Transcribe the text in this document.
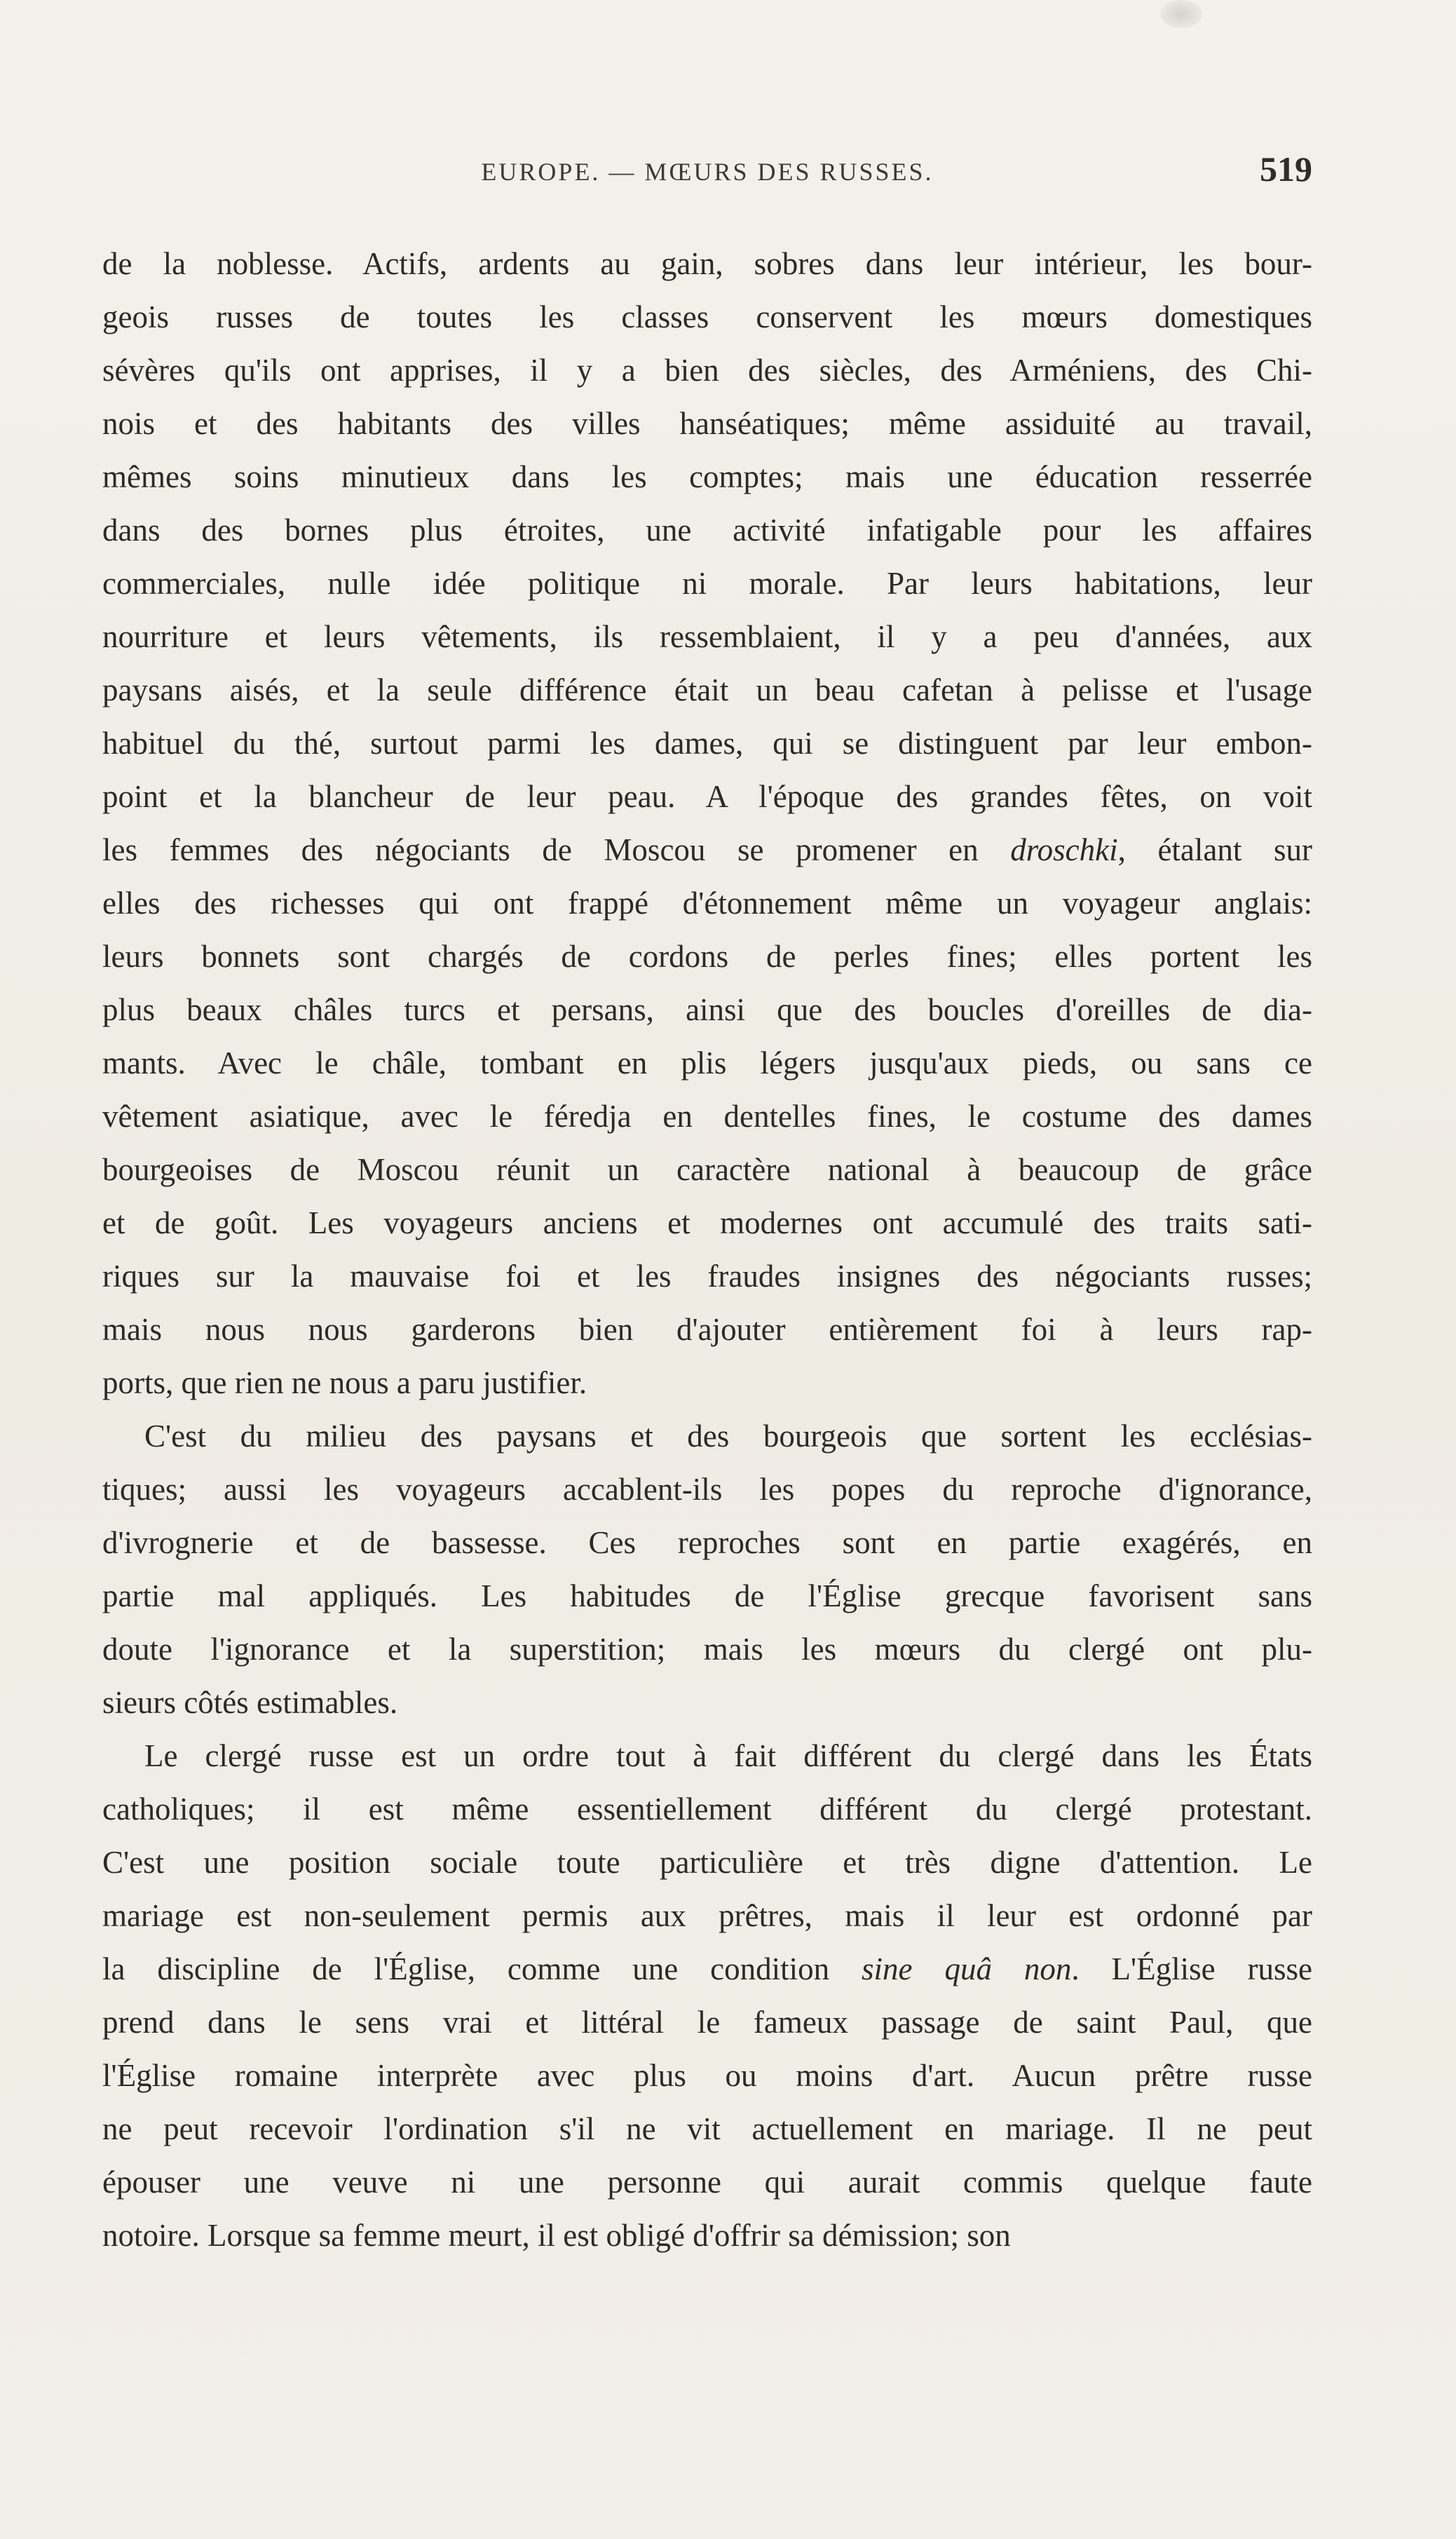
EUROPE. — MŒURS DES RUSSES.	519
de la noblesse. Actifs, ardents au gain, sobres dans leur intérieur, les bour-
geois russes de toutes les classes conservent les mœurs domestiques
sévères qu'ils ont apprises, il y a bien des siècles, des Arméniens, des Chi-
nois et des habitants des villes hanséatiques; même assiduité au travail,
mêmes soins minutieux dans les comptes; mais une éducation resserrée
dans des bornes plus étroites, une activité infatigable pour les affaires
commerciales, nulle idée politique ni morale. Par leurs habitations, leur
nourriture et leurs vêtements, ils ressemblaient, il y a peu d'années, aux
paysans aisés, et la seule différence était un beau cafetan à pelisse et l'usage
habituel du thé, surtout parmi les dames, qui se distinguent par leur embon-
point et la blancheur de leur peau. A l'époque des grandes fêtes, on voit
les femmes des négociants de Moscou se promener en droschki, étalant sur
elles des richesses qui ont frappé d'étonnement même un voyageur anglais:
leurs bonnets sont chargés de cordons de perles fines; elles portent les
plus beaux châles turcs et persans, ainsi que des boucles d'oreilles de dia-
mants. Avec le châle, tombant en plis légers jusqu'aux pieds, ou sans ce
vêtement asiatique, avec le féredja en dentelles fines, le costume des dames
bourgeoises de Moscou réunit un caractère national à beaucoup de grâce
et de goût. Les voyageurs anciens et modernes ont accumulé des traits sati-
riques sur la mauvaise foi et les fraudes insignes des négociants russes;
mais nous nous garderons bien d'ajouter entièrement foi à leurs rap-
ports, que rien ne nous a paru justifier.
C'est du milieu des paysans et des bourgeois que sortent les ecclésias-
tiques; aussi les voyageurs accablent-ils les popes du reproche d'ignorance,
d'ivrognerie et de bassesse. Ces reproches sont en partie exagérés, en
partie mal appliqués. Les habitudes de l'Église grecque favorisent sans
doute l'ignorance et la superstition; mais les mœurs du clergé ont plu-
sieurs côtés estimables.
Le clergé russe est un ordre tout à fait différent du clergé dans les États
catholiques; il est même essentiellement différent du clergé protestant.
C'est une position sociale toute particulière et très digne d'attention. Le
mariage est non-seulement permis aux prêtres, mais il leur est ordonné par
la discipline de l'Église, comme une condition sine quâ non. L'Église russe
prend dans le sens vrai et littéral le fameux passage de saint Paul, que
l'Église romaine interprète avec plus ou moins d'art. Aucun prêtre russe
ne peut recevoir l'ordination s'il ne vit actuellement en mariage. Il ne peut
épouser une veuve ni une personne qui aurait commis quelque faute
notoire. Lorsque sa femme meurt, il est obligé d'offrir sa démission; son
